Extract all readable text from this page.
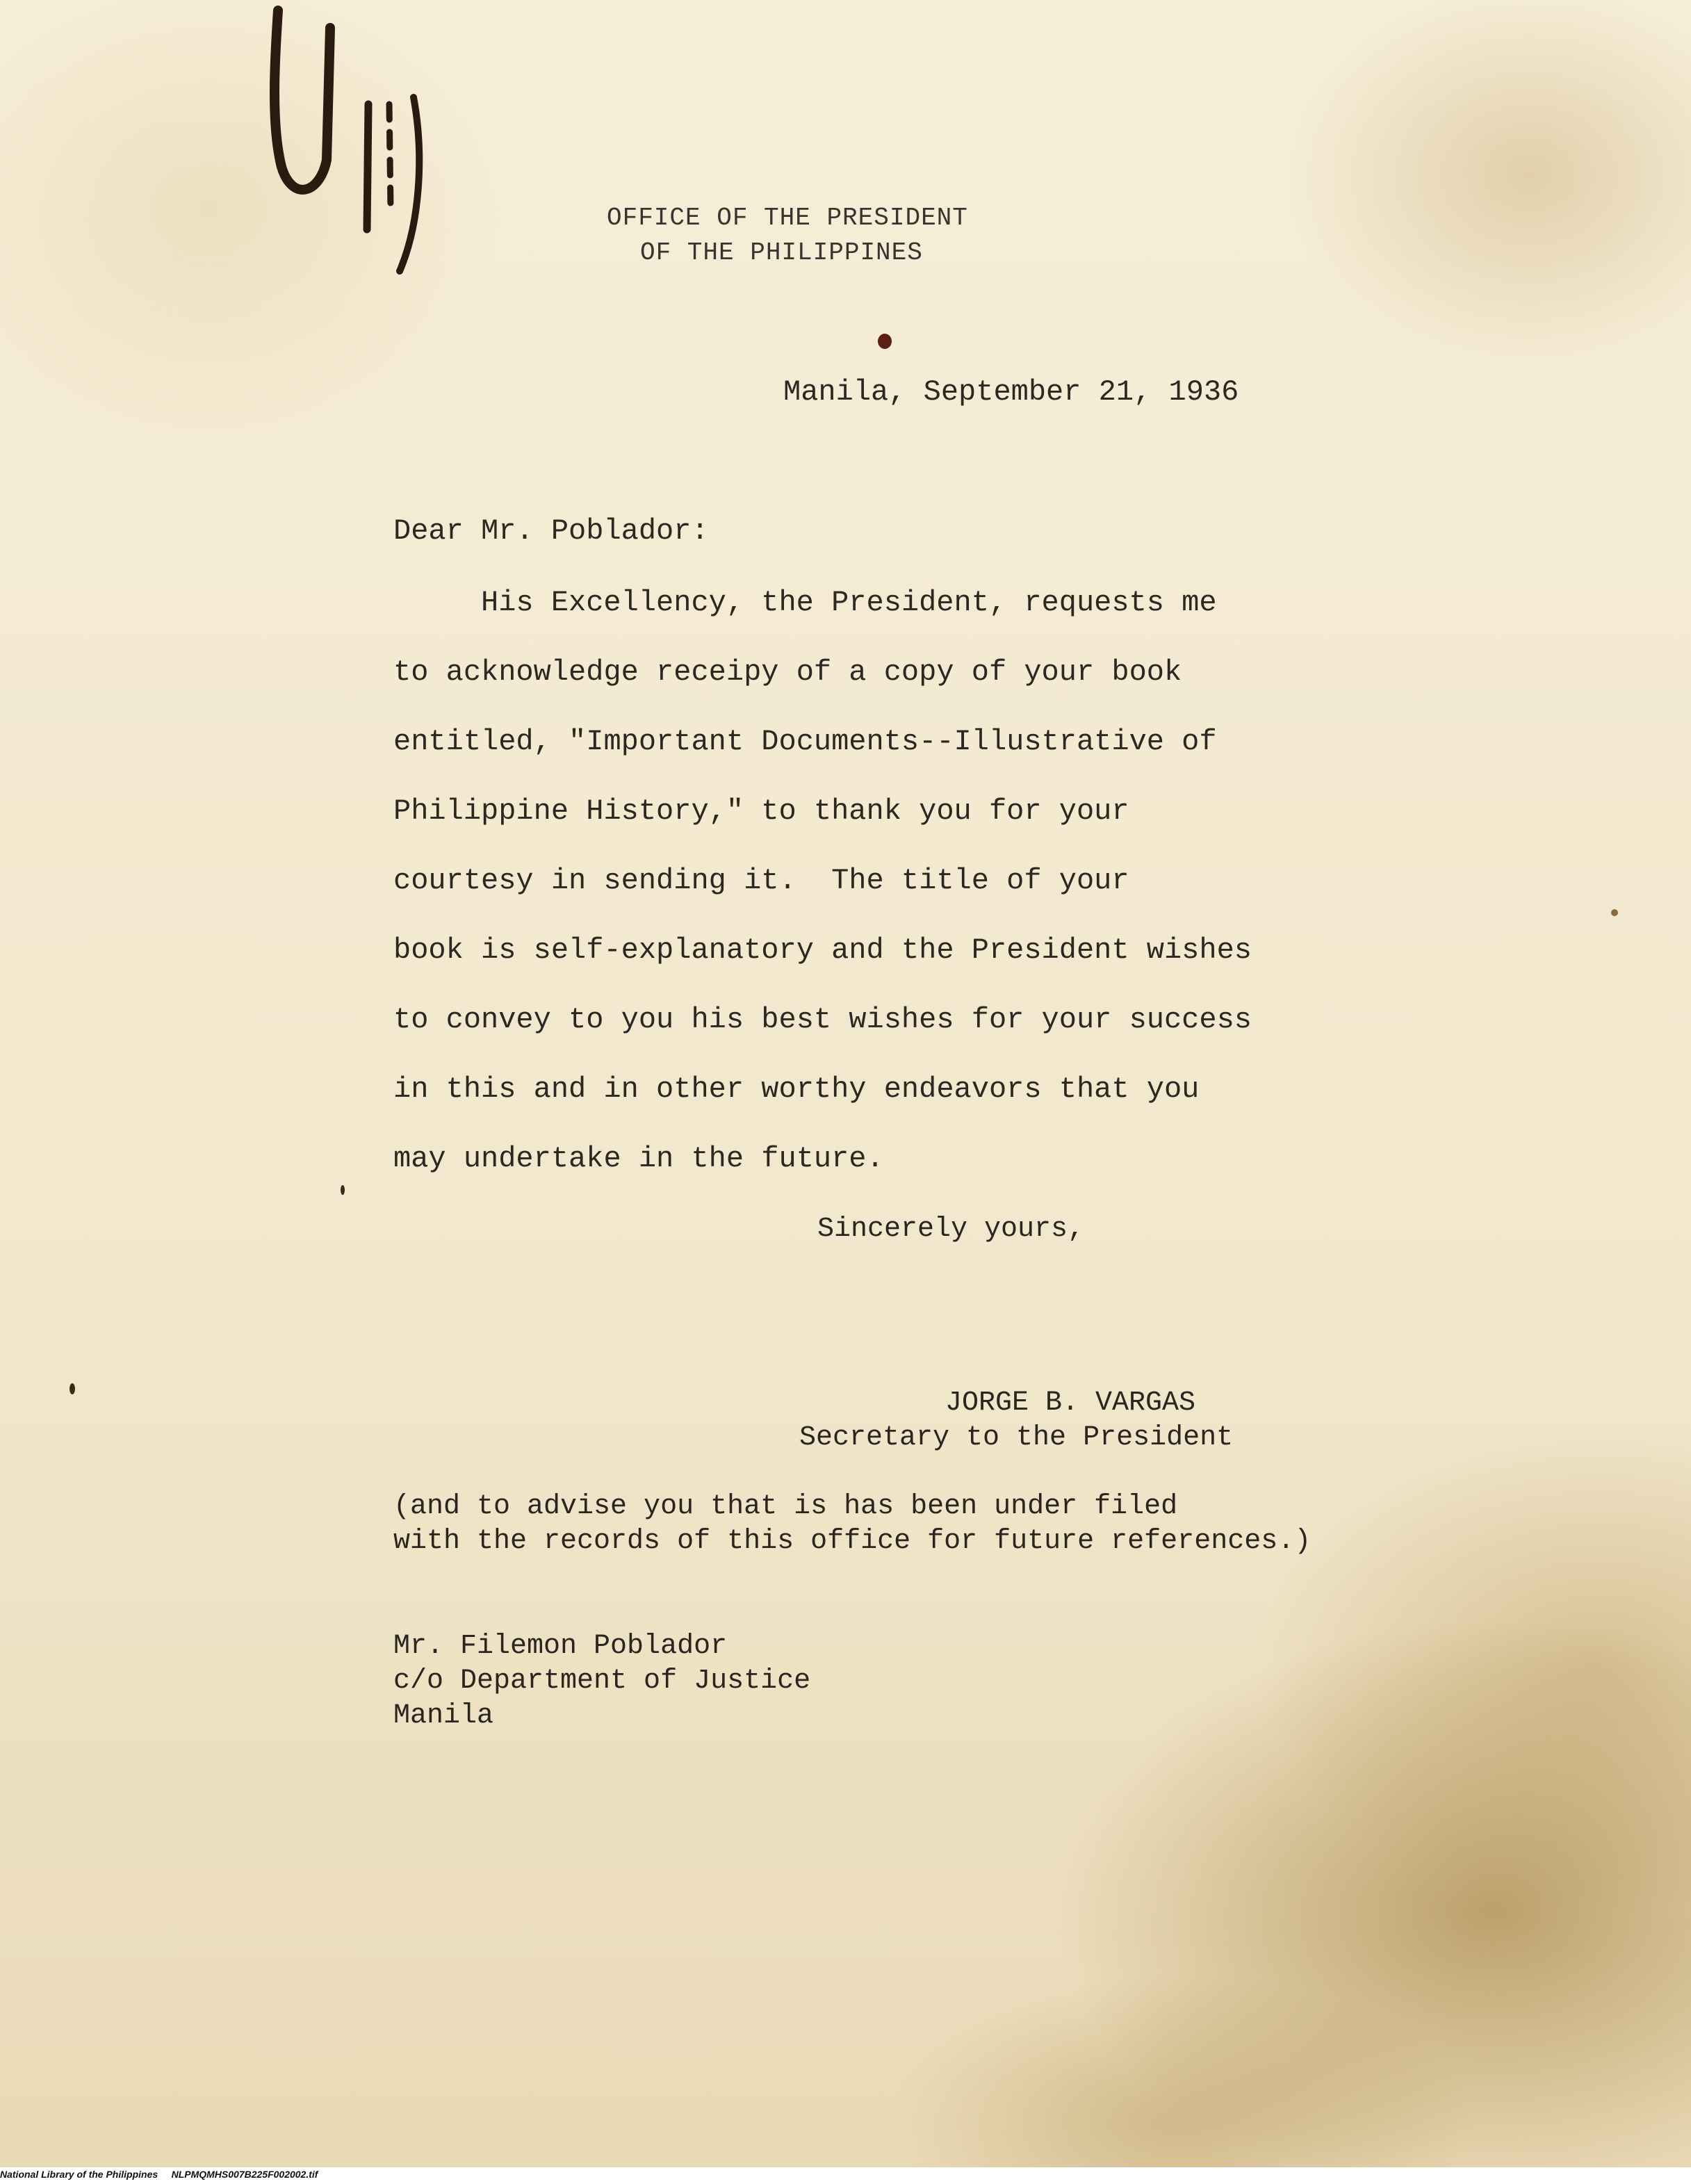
OFFICE OF THE PRESIDENT
OF THE PHILIPPINES
Manila, September 21, 1936
Dear Mr. Poblador:
His Excellency, the President, requests me
to acknowledge receipy of a copy of your book
entitled, "Important Documents--Illustrative of
Philippine History," to thank you for your
courtesy in sending it.  The title of your
book is self-explanatory and the President wishes
to convey to you his best wishes for your success
in this and in other worthy endeavors that you
may undertake in the future.
Sincerely yours,
JORGE B. VARGAS
Secretary to the President
(and to advise you that is has been under filed
with the records of this office for future references.)
Mr. Filemon Poblador
c/o Department of Justice
Manila
National Library of the Philippines     NLPMQMHS007B225F002002.tif
